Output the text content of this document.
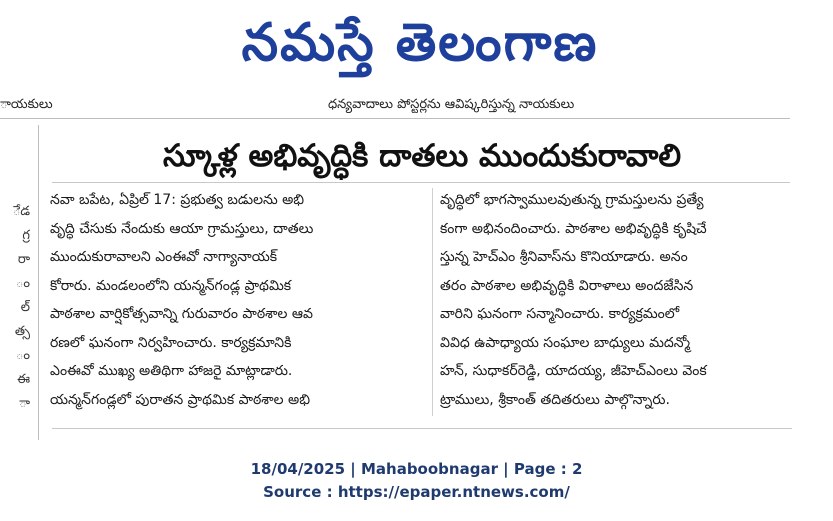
నమస్తే తెలంగాణ
ాయకులు	ధన్యవాదాలు పోస్టర్లను ఆవిష్కరిస్తున్న నాయకులు
ేడ
గ్ర
రా
ం
ల్
త్స
ం
ఈ
ా
స్కూళ్ల అభివృద్ధికి దాతలు ముందుకురావాలి
నవా బపేట, ఏప్రిల్ 17: ప్రభుత్వ బడులను అభి
వృద్ధి చేసుకు నేందుకు ఆయా గ్రామస్తులు, దాతలు
ముందుకురావాలని ఎంఈవో నాగ్యానాయక్
కోరారు. మండలంలోని యన్మన్‌గండ్ల ప్రాథమిక
పాఠశాల వార్షికోత్సవాన్ని గురువారం పాఠశాల ఆవ
రణలో ఘనంగా నిర్వహించారు. కార్యక్రమానికి
ఎంఈవో ముఖ్య అతిథిగా హాజరై మాట్లాడారు.
యన్మన్‌గండ్లలో పురాతన ప్రాథమిక పాఠశాల అభి
వృద్ధిలో భాగస్వాములవుతున్న గ్రామస్తులను ప్రత్యే
కంగా అభినందించారు. పాఠశాల అభివృద్ధికి కృషిచే
స్తున్న హెచ్‌ఎం శ్రీనివాస్‌ను కొనియాడారు. అనం
తరం పాఠశాల అభివృద్ధికి విరాళాలు అందజేసిన
వారిని ఘనంగా సన్మానించారు. కార్యక్రమంలో
వివిధ ఉపాధ్యాయ సంఘాల బాధ్యులు మదన్మో
హన్, సుధాకర్‌రెడ్డి, యాదయ్య, జీహెచ్‌ఎంలు వెంక
ట్రాములు, శ్రీకాంత్ తదితరులు పాల్గొన్నారు.
18/04/2025 | Mahaboobnagar | Page : 2
Source : https://epaper.ntnews.com/
